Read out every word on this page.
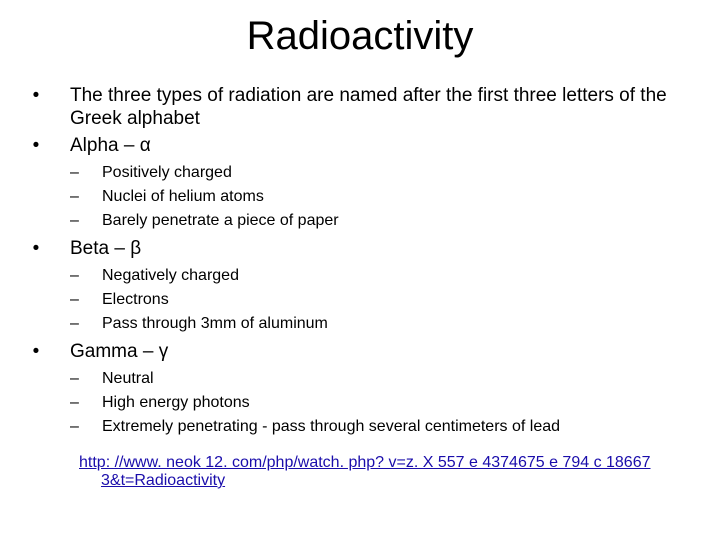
Radioactivity
•	The three types of radiation are named after the first three letters of the Greek alphabet
•	Alpha – α
– Positively charged
– Nuclei of helium atoms
– Barely penetrate a piece of paper
•	Beta – β
– Negatively charged
– Electrons
– Pass through 3mm of aluminum
•	Gamma – γ
– Neutral
– High energy photons
– Extremely penetrating - pass through several centimeters of lead
http: //www. neok 12. com/php/watch. php? v=z. X 557 e 4374675 e 794 c 18667
3&t=Radioactivity
